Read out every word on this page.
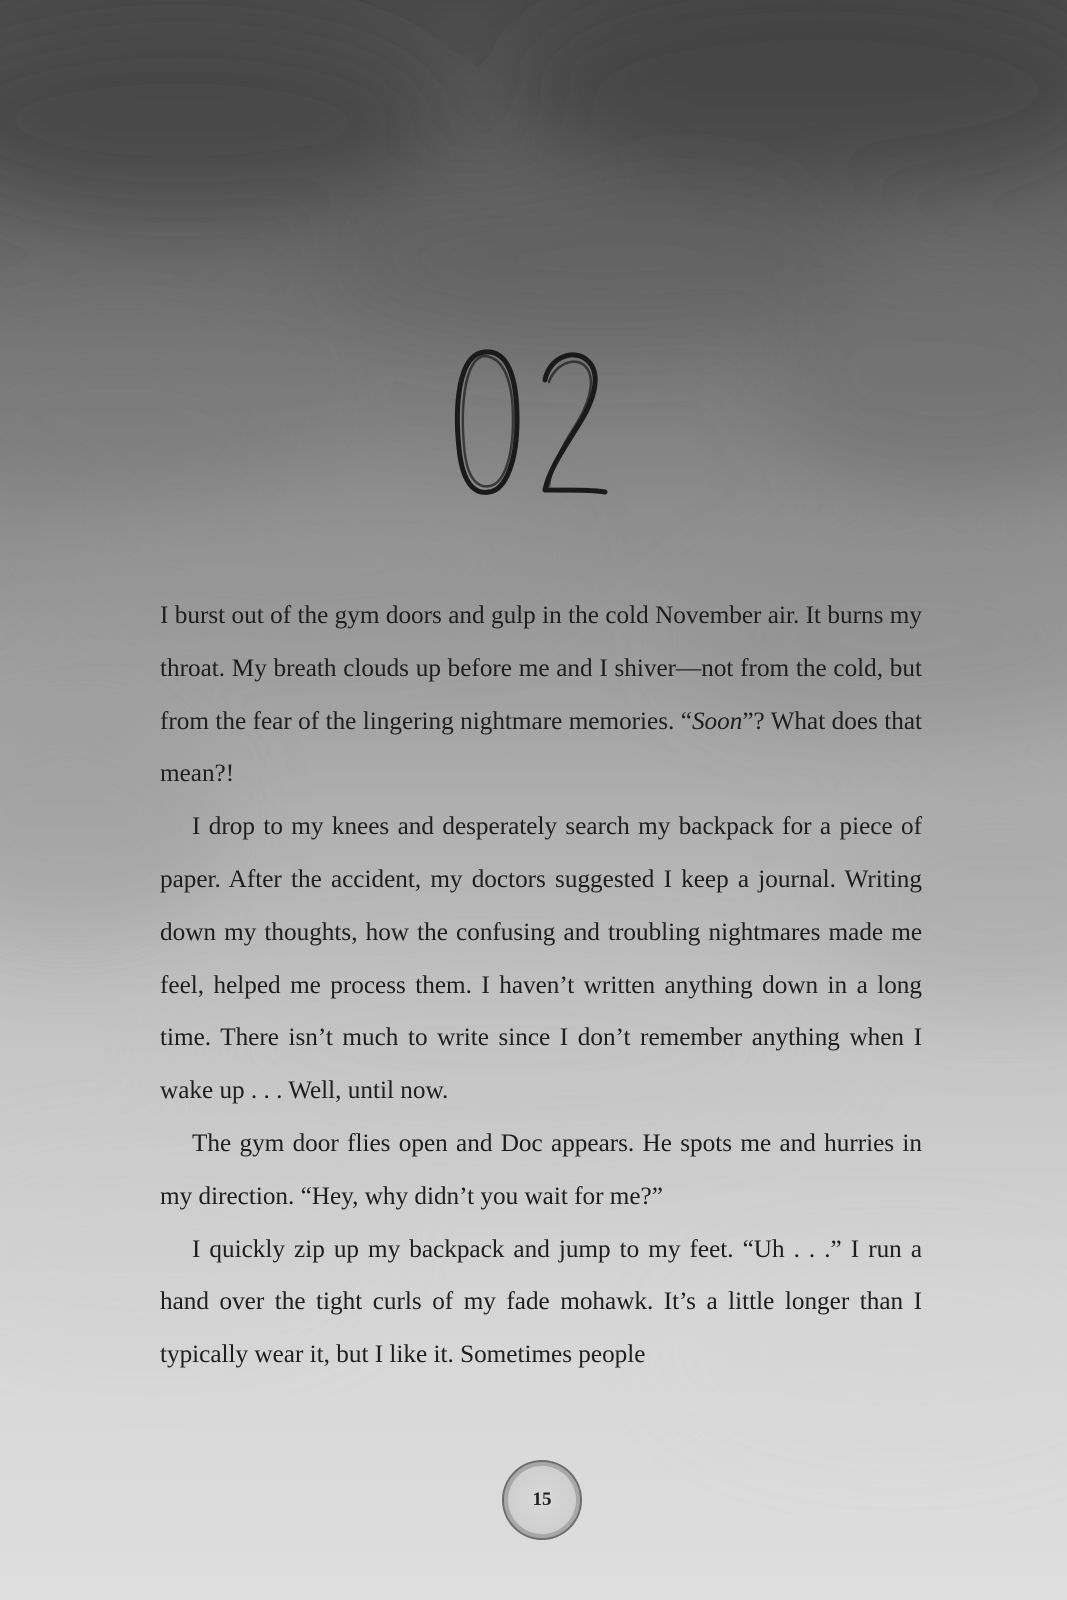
I burst out of the gym doors and gulp in the cold November air. It burns my throat. My breath clouds up before me and I shiver—not from the cold, but from the fear of the lingering nightmare memories. “Soon”? What does that mean?!

I drop to my knees and desperately search my backpack for a piece of paper. After the accident, my doctors suggested I keep a journal. Writing down my thoughts, how the confusing and troubling nightmares made me feel, helped me process them. I haven’t written anything down in a long time. There isn’t much to write since I don’t remember anything when I wake up . . . Well, until now.

The gym door flies open and Doc appears. He spots me and hurries in my direction. “Hey, why didn’t you wait for me?”

I quickly zip up my backpack and jump to my feet. “Uh . . .” I run a hand over the tight curls of my fade mohawk. It’s a little longer than I typically wear it, but I like it. Sometimes people

15
